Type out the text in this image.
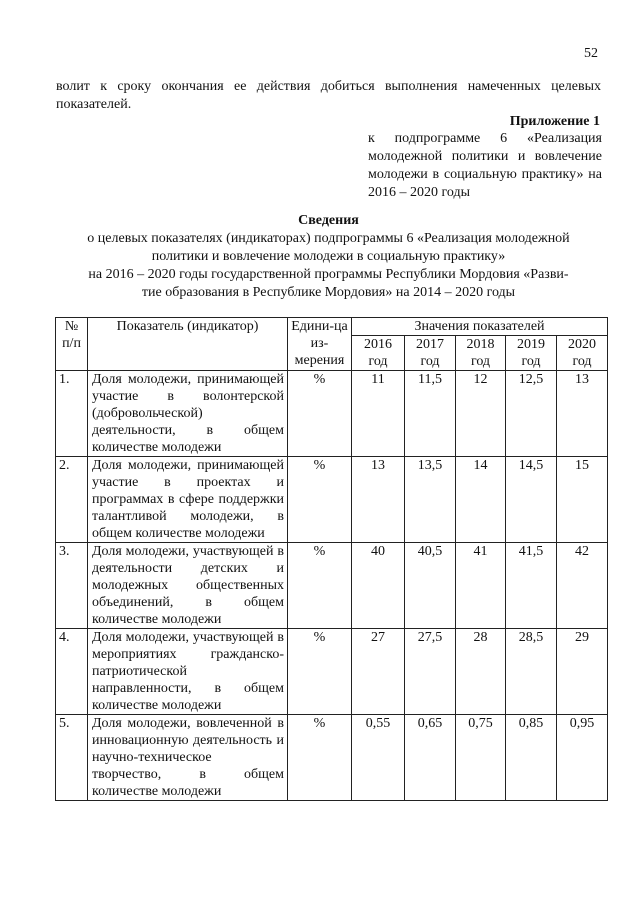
52
волит к сроку окончания ее действия добиться выполнения намеченных целевых показателей.
Приложение 1
к подпрограмме 6 «Реализация молодежной политики и вовлечение молодежи в социальную практику» на 2016 – 2020 годы
Сведения
о целевых показателях (индикаторах) подпрограммы 6 «Реализация молодежной
политики и вовлечение молодежи в социальную практику»
на 2016 – 2020 годы государственной программы Республики Мордовия «Разви-
тие образования в Республике Мордовия» на 2014 – 2020 годы
№ п/п	Показатель (индикатор)	Едини-ца из-мерения	Значения показателей				
			2016 год	2017 год	2018 год	2019 год	2020 год
1.	Доля молодежи, принимающей участие в волонтерской (добровольческой) деятельности, в общем количестве молодежи	%	11	11,5	12	12,5	13
2.	Доля молодежи, принимающей участие в проектах и программах в сфере поддержки талантливой молодежи, в общем количестве молодежи	%	13	13,5	14	14,5	15
3.	Доля молодежи, участвующей в деятельности детских и молодежных общественных объединений, в общем количестве молодежи	%	40	40,5	41	41,5	42
4.	Доля молодежи, участвующей в мероприятиях гражданско-патриотической направленности, в общем количестве молодежи	%	27	27,5	28	28,5	29
5.	Доля молодежи, вовлеченной в инновационную деятельность и научно-техническое творчество, в общем количестве молодежи	%	0,55	0,65	0,75	0,85	0,95
